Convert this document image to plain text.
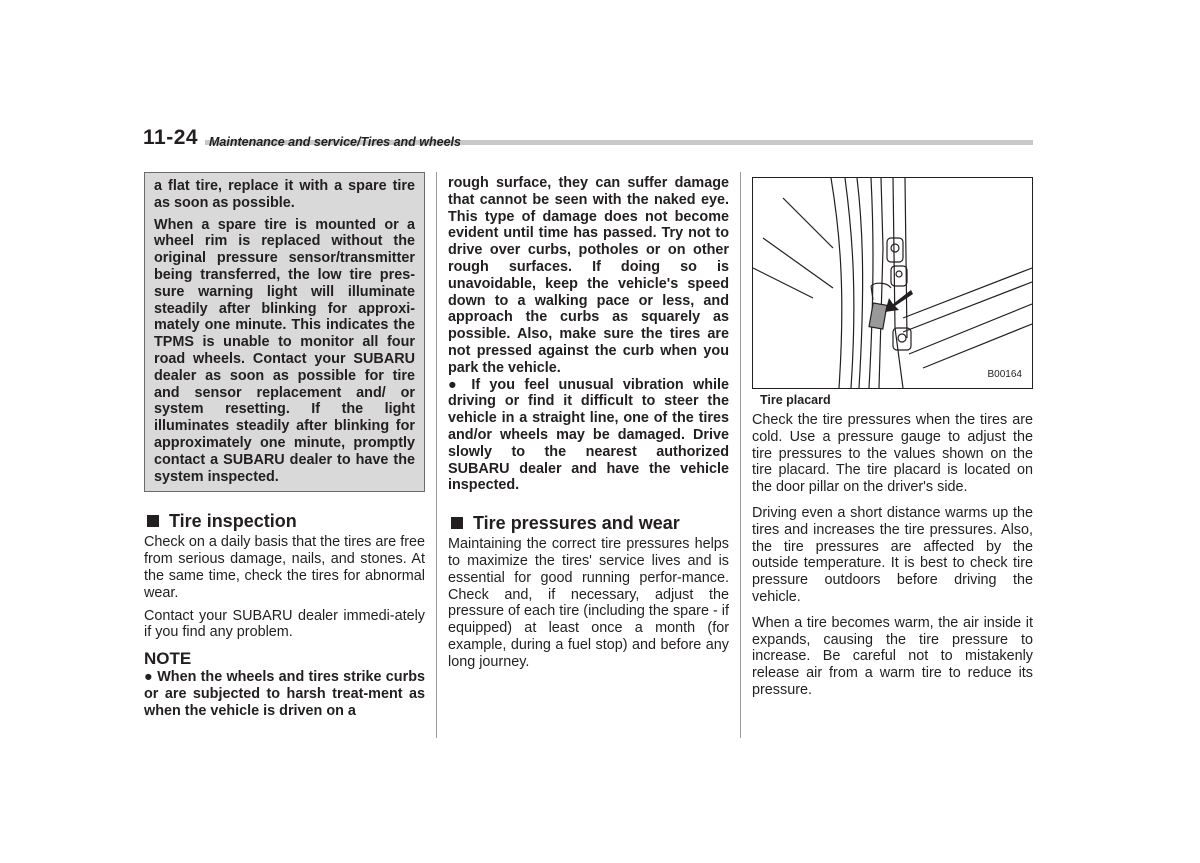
11-24 Maintenance and service/Tires and wheels

a flat tire, replace it with a spare tire as soon as possible.

When a spare tire is mounted or a wheel rim is replaced without the original pressure sensor/transmitter being transferred, the low tire pres-sure warning light will illuminate steadily after blinking for approxi-mately one minute. This indicates the TPMS is unable to monitor all four road wheels. Contact your SUBARU dealer as soon as possible for tire and sensor replacement and/ or system resetting. If the light illuminates steadily after blinking for approximately one minute, promptly contact a SUBARU dealer to have the system inspected.

Tire inspection

Check on a daily basis that the tires are free from serious damage, nails, and stones. At the same time, check the tires for abnormal wear.

Contact your SUBARU dealer immedi-ately if you find any problem.

NOTE

● When the wheels and tires strike curbs or are subjected to harsh treat-ment as when the vehicle is driven on a

rough surface, they can suffer damage that cannot be seen with the naked eye. This type of damage does not become evident until time has passed. Try not to drive over curbs, potholes or on other rough surfaces. If doing so is unavoidable, keep the vehicle's speed down to a walking pace or less, and approach the curbs as squarely as possible. Also, make sure the tires are not pressed against the curb when you park the vehicle.

● If you feel unusual vibration while driving or find it difficult to steer the vehicle in a straight line, one of the tires and/or wheels may be damaged. Drive slowly to the nearest authorized SUBARU dealer and have the vehicle inspected.

Tire pressures and wear

Maintaining the correct tire pressures helps to maximize the tires' service lives and is essential for good running perfor-mance. Check and, if necessary, adjust the pressure of each tire (including the spare - if equipped) at least once a month (for example, during a fuel stop) and before any long journey.

B00164

Tire placard

Check the tire pressures when the tires are cold. Use a pressure gauge to adjust the tire pressures to the values shown on the tire placard. The tire placard is located on the door pillar on the driver's side.

Driving even a short distance warms up the tires and increases the tire pressures. Also, the tire pressures are affected by the outside temperature. It is best to check tire pressure outdoors before driving the vehicle.

When a tire becomes warm, the air inside it expands, causing the tire pressure to increase. Be careful not to mistakenly release air from a warm tire to reduce its pressure.
